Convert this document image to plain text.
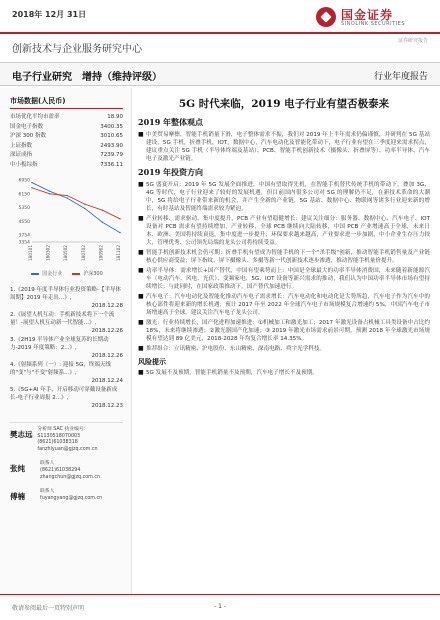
2018年 12月 31日	国金证券
SINOLINK SECURITIES
证券研究报告
创新技术与企业服务研究中心
电子行业研究　增持（维持评级）	行业年度报告
市场数据(人民币)
市场优化平均市盈率	18.90
国金电子指数	3400.35
沪深 300 指数	3010.65
上证指数	2493.90
深证成指	7239.79
中小板综指	7336.11
6950
6150
5350
4550
3754
3354
180101	180302	180502	180702	180902	181102
国金行业	沪深300
1.《2019 年度半导体行业投资策略-【半导体周期】2019 年走出…》,
2018.12.28
2.《展望人机互动：手机新技术将下一个流量！-展望人机互动新一代智能…》,
2018.12.26
3.《2H19 半导体产业全球复苏的长期动力-2019 年度策略：2...》,
2018.12.26
4.《射频系列（一）: 迎接 5G，终端天线的"变"与"不变"射频系...》,
2018.12.24
5.《5G+AI 年手，开启移动可穿戴设备新成长-电子行业周报 2...》,
2018.12.23
樊志远
分析师 SAC 执业编号：S1130518070003
(8621)61038318
fanzhiyuan@gjzq.com.cn
张纯
联系人
(8621)61038294
zhangchun@gjzq.com.cn
傅楠
联系人
fuyangyang@gjzq.com.cn
5G 时代来临，2019 电子行业有望否极泰来
2019 年整体观点
■ 中美贸易摩擦，智能手机销量下滑，电子整体需求不振，我们对 2019 年上半年需求仍偏谨慎，并研判在 5G 基站建设，5G 手机，折叠手机，IOT，数据中心，汽车电动化及智能化带动下，电子行业有望在三季度迎来需求拐点，建议重点关注 5G 手机（半导体终端及基站）、PCB、智能手机创新技术（摄像头、折叠屏等）、功率半导体、汽车电子及激光产业链。
2019 年投资方向
■ 5G 盛宴开启：2019 年 5G 发展全面推进，中国有望取得先机，在智能手机替代传统手机的带动下，叠加 3G、4G 等时代，电子行业迎来了较好的发展机遇，但目前国内很多公司对 5G 的理解仍不足，在新技术革命的大潮中，5G 将给电子行业带来新的机会，并产生全新的产业链，5G 基站、数据中心、物联网等诸多行业迎来新的增长，有时基站及智能终端需求较为紧迫。
■ 产业转移、需求驱动、集中度提升，PCB 产业有望稳健增长：建议关注细分：服务器、数据中心、汽车电子、IOT 设备对 PCB 需求有望持续增加，产业转移，全球 PCB 继续向大陆转移，中国 PCB 产业增速高于全球，未来日本、欧洲、美国将持续衰退，集中度进一步提升；环保要求越来越高，产业要求进一步加剧，中小企业生存压力较大，管理优秀、公司领先局端的龙头公司将持续受益。
■ 智能手机创新技术机会仍可期：折叠手机有望成为智能手机的下一个"杀手级"创新，推动智能手机销售量及产业链核心供应商受益；屏下指纹、屏下摄像头、多摄等新一代创新技术逐步渗透，推动智能手机量价提升。
■ 功率半导体：需求增长+国产替代，中国有望乘势而上：中国是全球最大的功率半导体消费国，未来随着新能源汽车（电动汽车、风电、光伏）、变频家电、5G、IOT 设备等新兴需求的推动，我们认为中国功率半导体市场有望持续增长；与此同时，在国家政策推动下，国产替代加速进行。
■ 汽车电子：汽车电动化及智能化推动汽车电子需求增长：汽车电动化和电动化是大势所趋，汽车电子作为汽车中的核心部件将迎来新的增长机遇；预计 2017 年至 2022 年全球汽车电子市场规模复合增速约 5%，中国汽车电子市场增速高于全球，建议关注汽车电子龙头公司。
■ 激光：行业持续增长，国产化进程加速推进：①机械加工和激光加工；2017 年激光设备占机械工具类设备中占比约 18%，未来将继续渗透；②激光器国产化加速；③ 2019 年激光市场需求前景可期，预测 2018 年全球激光市场规模有望达到 89 亿美元，2018-2028 年均复合增长率 14.35%。
■ 推荐组合：立讯精密、沪电股份、东山精密、深南电路、舜宇光学科技。
风险提示
■ 5G 发展不及预期，智能手机销量不及预期，汽车电子增长不及预期。
敬请参阅最后一页特别声明	- 1 -
